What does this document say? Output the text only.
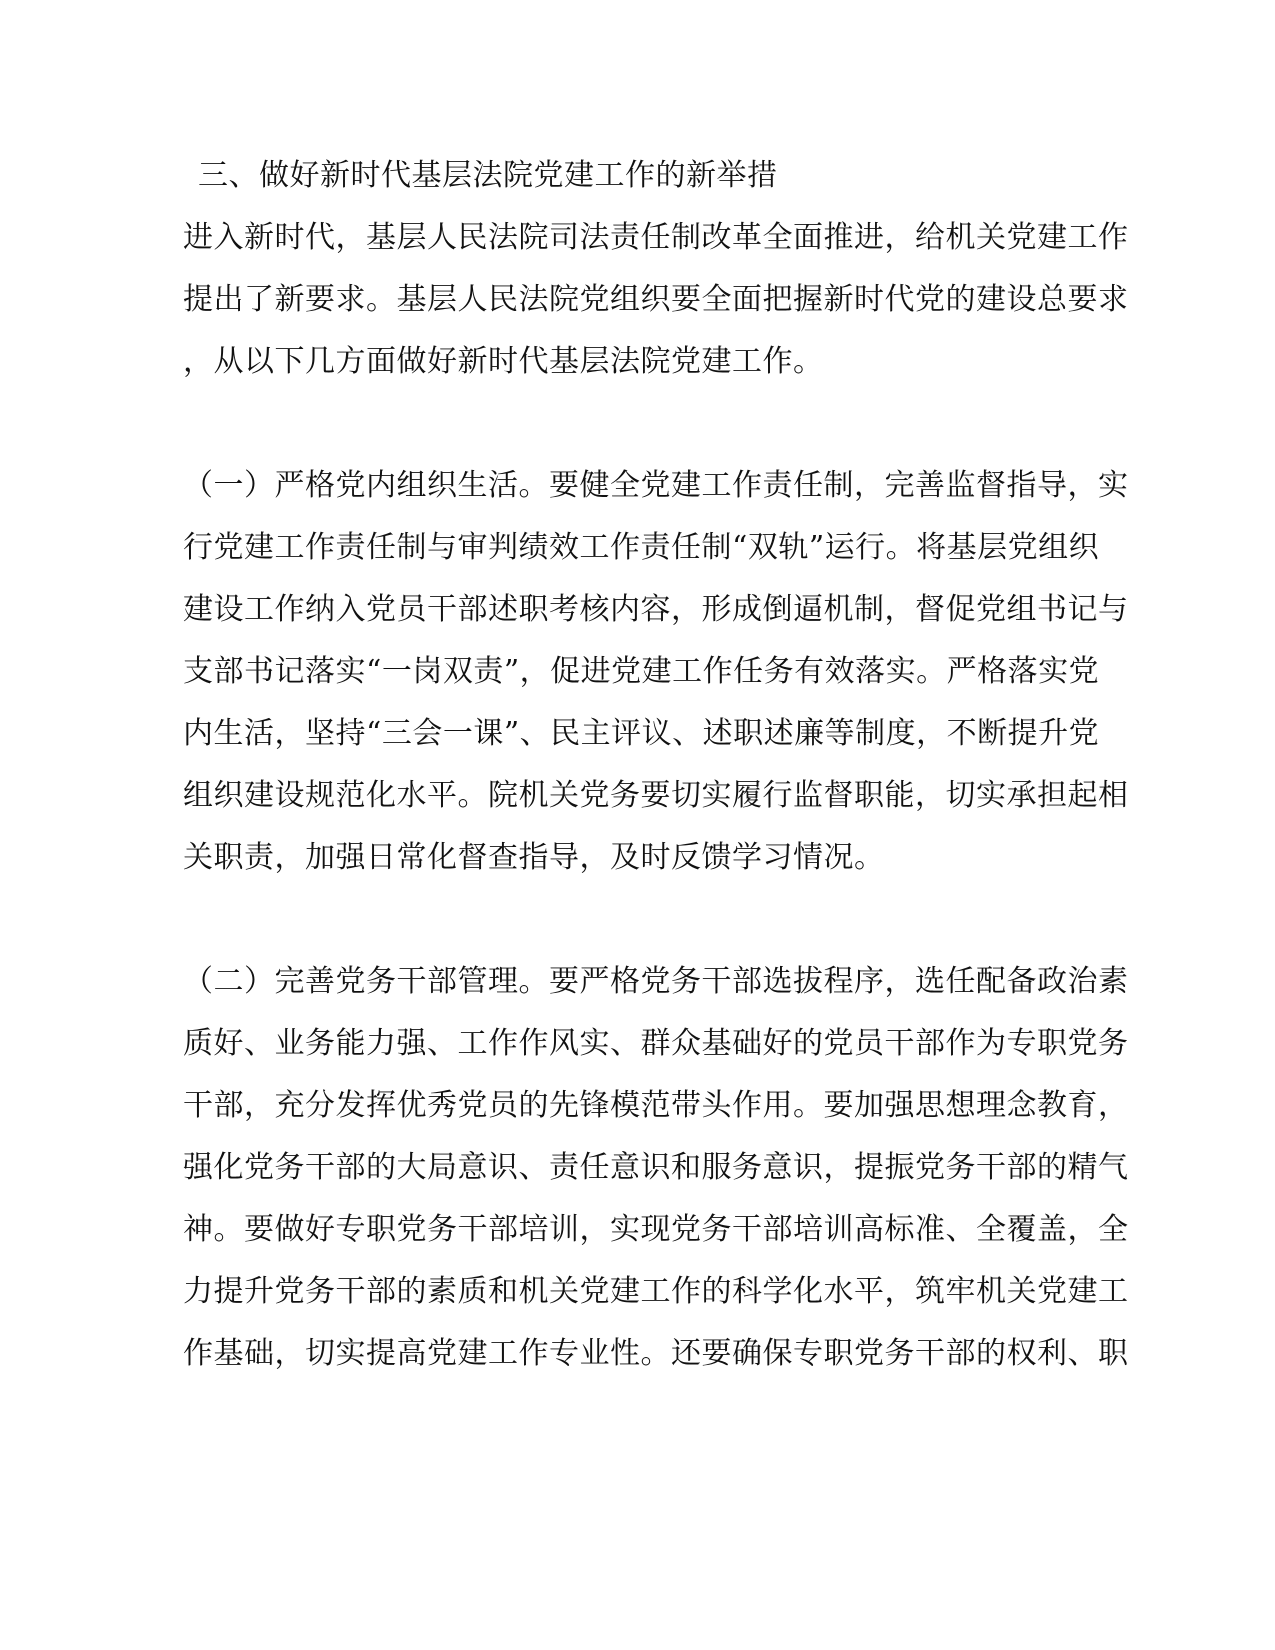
三、做好新时代基层法院党建工作的新举措
进入新时代，基层人民法院司法责任制改革全面推进，给机关党建工作
提出了新要求。基层人民法院党组织要全面把握新时代党的建设总要求
，从以下几方面做好新时代基层法院党建工作。
（一）严格党内组织生活。要健全党建工作责任制，完善监督指导，实
行党建工作责任制与审判绩效工作责任制“双轨”运行。将基层党组织
建设工作纳入党员干部述职考核内容，形成倒逼机制，督促党组书记与
支部书记落实“一岗双责”，促进党建工作任务有效落实。严格落实党
内生活，坚持“三会一课”、民主评议、述职述廉等制度，不断提升党
组织建设规范化水平。院机关党务要切实履行监督职能，切实承担起相
关职责，加强日常化督查指导，及时反馈学习情况。
（二）完善党务干部管理。要严格党务干部选拔程序，选任配备政治素
质好、业务能力强、工作作风实、群众基础好的党员干部作为专职党务
干部，充分发挥优秀党员的先锋模范带头作用。要加强思想理念教育，
强化党务干部的大局意识、责任意识和服务意识，提振党务干部的精气
神。要做好专职党务干部培训，实现党务干部培训高标准、全覆盖，全
力提升党务干部的素质和机关党建工作的科学化水平，筑牢机关党建工
作基础，切实提高党建工作专业性。还要确保专职党务干部的权利、职
